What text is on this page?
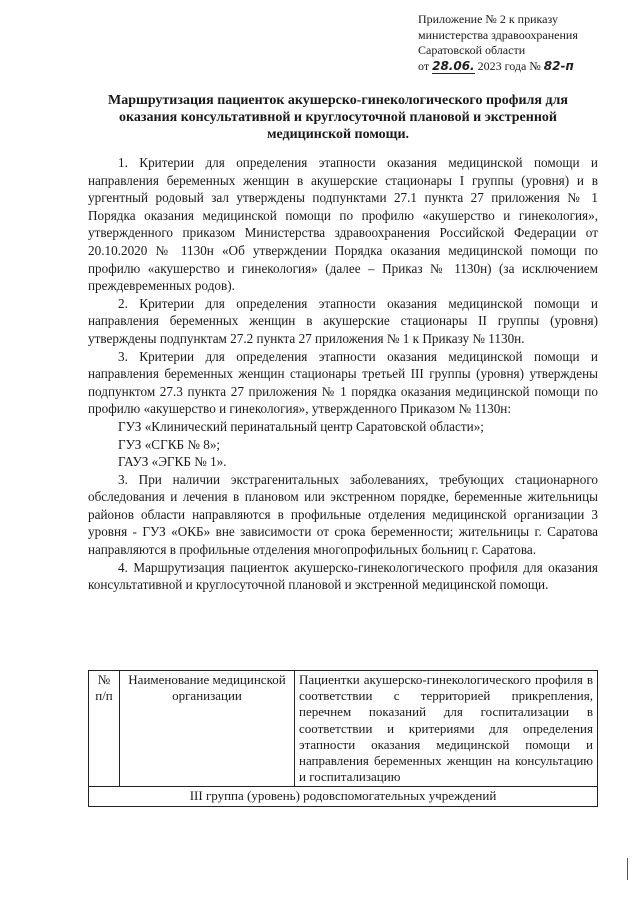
Приложение № 2 к приказу
министерства здравоохранения
Саратовской области
от 28.06. 2023 года № 82-п
Маршрутизация пациенток акушерско-гинекологического профиля для оказания консультативной и круглосуточной плановой и экстренной медицинской помощи.

1. Критерии для определения этапности оказания медицинской помощи и направления беременных женщин в акушерские стационары I группы (уровня) и в ургентный родовый зал утверждены подпунктами 27.1 пункта 27 приложения № 1 Порядка оказания медицинской помощи по профилю «акушерство и гинекология», утвержденного приказом Министерства здравоохранения Российской Федерации от 20.10.2020 № 1130н «Об утверждении Порядка оказания медицинской помощи по профилю «акушерство и гинекология» (далее – Приказ № 1130н) (за исключением преждевременных родов).

2. Критерии для определения этапности оказания медицинской помощи и направления беременных женщин в акушерские стационары II группы (уровня) утверждены подпунктам 27.2 пункта 27 приложения № 1 к Приказу № 1130н.

3. Критерии для определения этапности оказания медицинской помощи и направления беременных женщин стационары третьей III группы (уровня) утверждены подпунктом 27.3 пункта 27 приложения № 1 порядка оказания медицинской помощи по профилю «акушерство и гинекология», утвержденного Приказом № 1130н:

ГУЗ «Клинический перинатальный центр Саратовской области»;

ГУЗ «СГКБ № 8»;

ГАУЗ «ЭГКБ № 1».

3. При наличии экстрагенитальных заболеваниях, требующих стационарного обследования и лечения в плановом или экстренном порядке, беременные жительницы районов области направляются в профильные отделения медицинской организации 3 уровня - ГУЗ «ОКБ» вне зависимости от срока беременности; жительницы г. Саратова направляются в профильные отделения многопрофильных больниц г. Саратова.

4. Маршрутизация пациенток акушерско-гинекологического профиля для оказания консультативной и круглосуточной плановой и экстренной медицинской помощи.

№ п/п	Наименование медицинской организации	Пациентки акушерско-гинекологического профиля в соответствии с территорией прикрепления, перечнем показаний для госпитализации в соответствии и критериями для определения этапности оказания медицинской помощи и направления беременных женщин на консультацию и госпитализацию
III группа (уровень) родовспомогательных учреждений
